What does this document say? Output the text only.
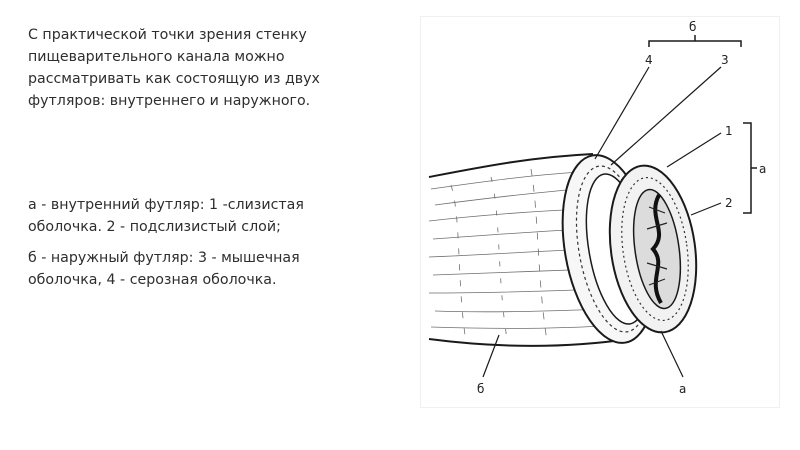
С практической точки зрения стенку пищеварительного канала можно рассматривать как состоящую из двух футляров: внутреннего и наружного.
а - внутренний футляр: 1 -слизистая оболочка. 2 - подслизистый слой;
б - наружный футляр: 3 - мышечная оболочка, 4 - серозная оболочка.
б
а
4	3
1
2
б	а
